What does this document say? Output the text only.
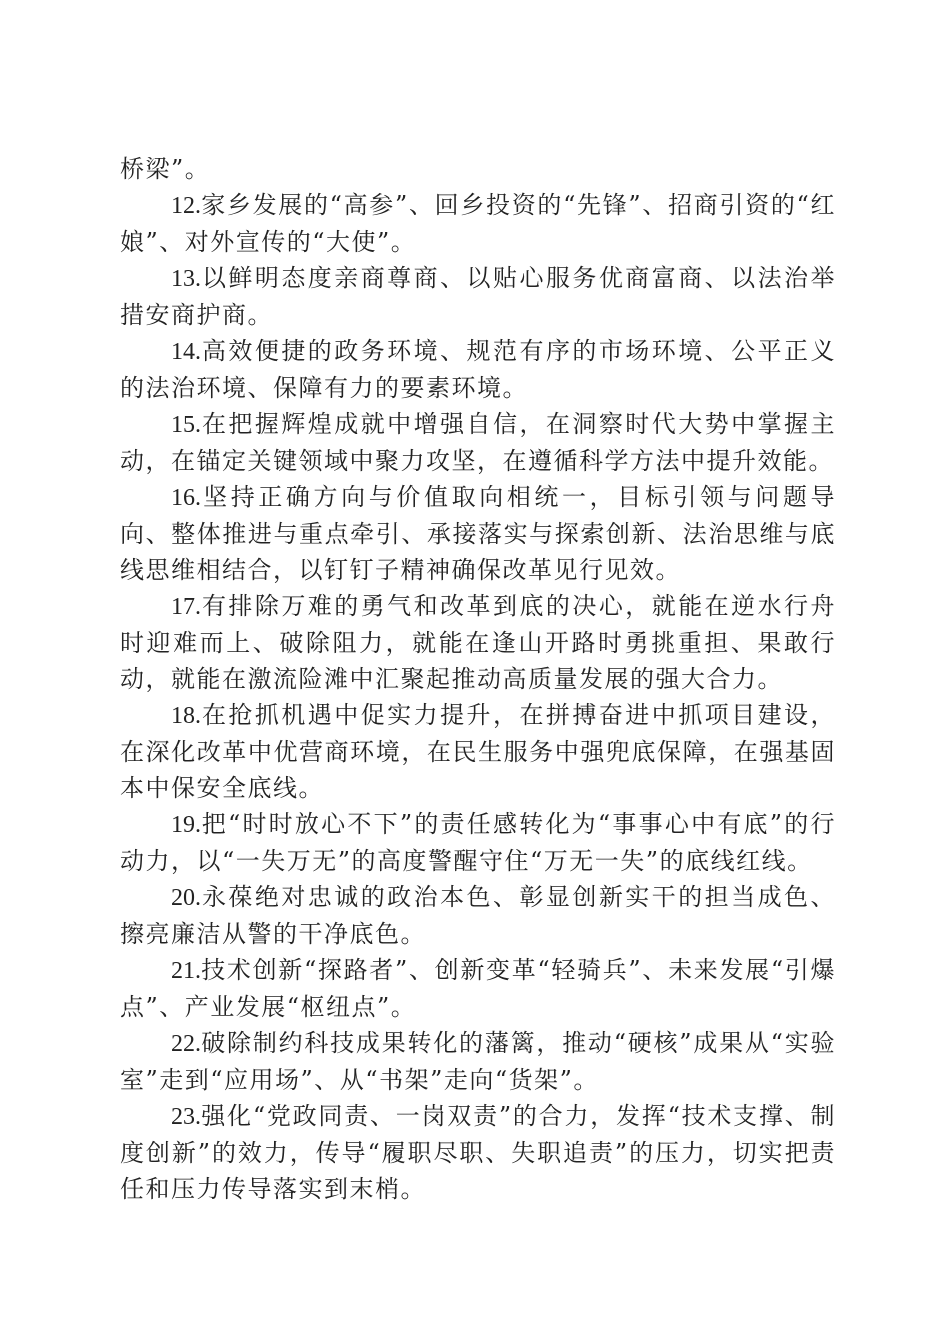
桥梁”。

12.家乡发展的“高参”、回乡投资的“先锋”、招商引资的“红娘”、对外宣传的“大使”。

13.以鲜明态度亲商尊商、以贴心服务优商富商、以法治举措安商护商。

14.高效便捷的政务环境、规范有序的市场环境、公平正义的法治环境、保障有力的要素环境。

15.在把握辉煌成就中增强自信，在洞察时代大势中掌握主动，在锚定关键领域中聚力攻坚，在遵循科学方法中提升效能。

16.坚持正确方向与价值取向相统一，目标引领与问题导向、整体推进与重点牵引、承接落实与探索创新、法治思维与底线思维相结合，以钉钉子精神确保改革见行见效。

17.有排除万难的勇气和改革到底的决心，就能在逆水行舟时迎难而上、破除阻力，就能在逢山开路时勇挑重担、果敢行动，就能在激流险滩中汇聚起推动高质量发展的强大合力。

18.在抢抓机遇中促实力提升，在拼搏奋进中抓项目建设，在深化改革中优营商环境，在民生服务中强兜底保障，在强基固本中保安全底线。

19.把“时时放心不下”的责任感转化为“事事心中有底”的行动力，以“一失万无”的高度警醒守住“万无一失”的底线红线。

20.永葆绝对忠诚的政治本色、彰显创新实干的担当成色、擦亮廉洁从警的干净底色。

21.技术创新“探路者”、创新变革“轻骑兵”、未来发展“引爆点”、产业发展“枢纽点”。

22.破除制约科技成果转化的藩篱，推动“硬核”成果从“实验室”走到“应用场”、从“书架”走向“货架”。

23.强化“党政同责、一岗双责”的合力，发挥“技术支撑、制度创新”的效力，传导“履职尽职、失职追责”的压力，切实把责任和压力传导落实到末梢。
